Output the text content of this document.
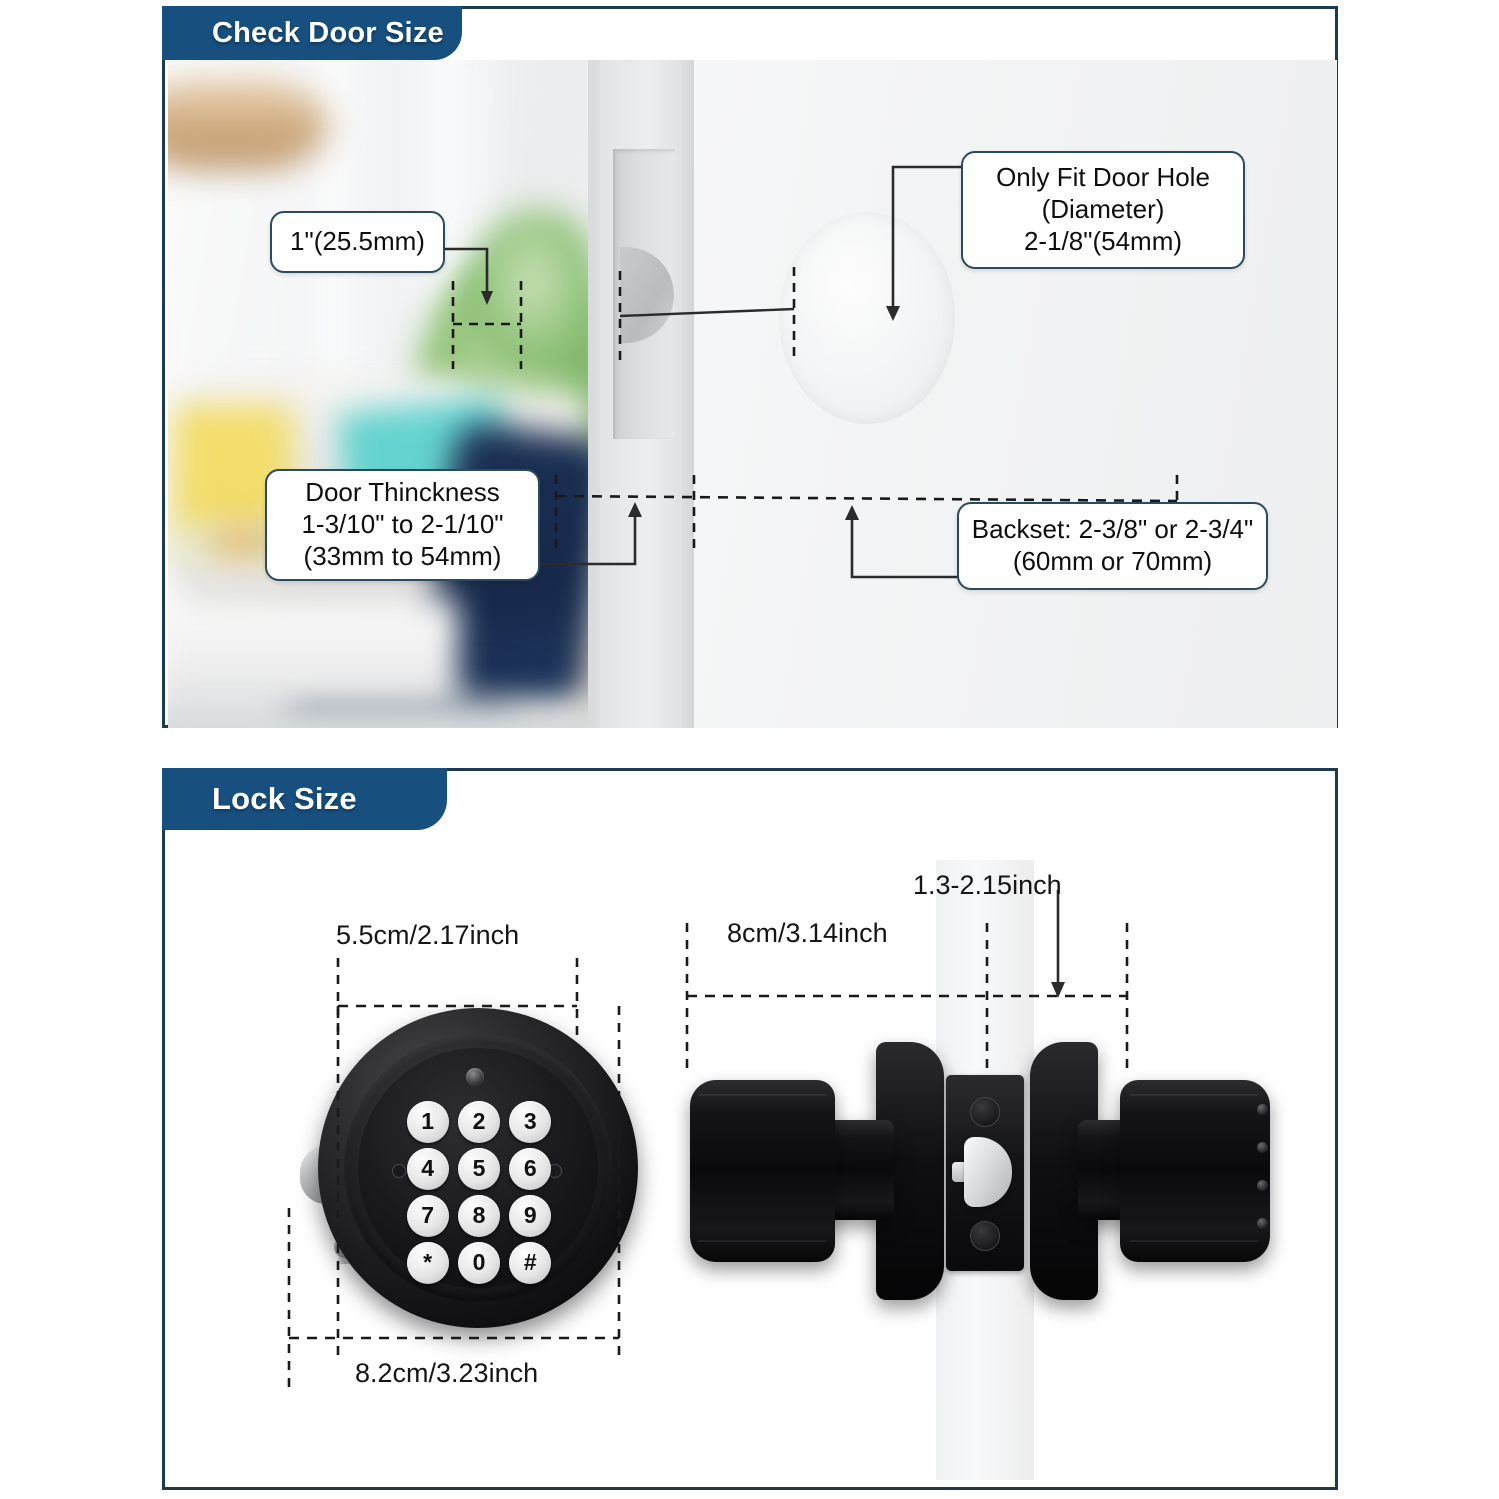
1"(25.5mm)
Only Fit Door Hole
(Diameter)
2-1/8"(54mm)
Door Thinckness
1-3/10" to 2-1/10"
(33mm to 54mm)
Backset: 2-3/8" or 2-3/4"
(60mm or 70mm)
Check Door Size
Lock Size
1	2	3
4	5	6
7	8	9
*	0	#
5.5cm/2.17inch
8.2cm/3.23inch
8cm/3.14inch
1.3-2.15inch
